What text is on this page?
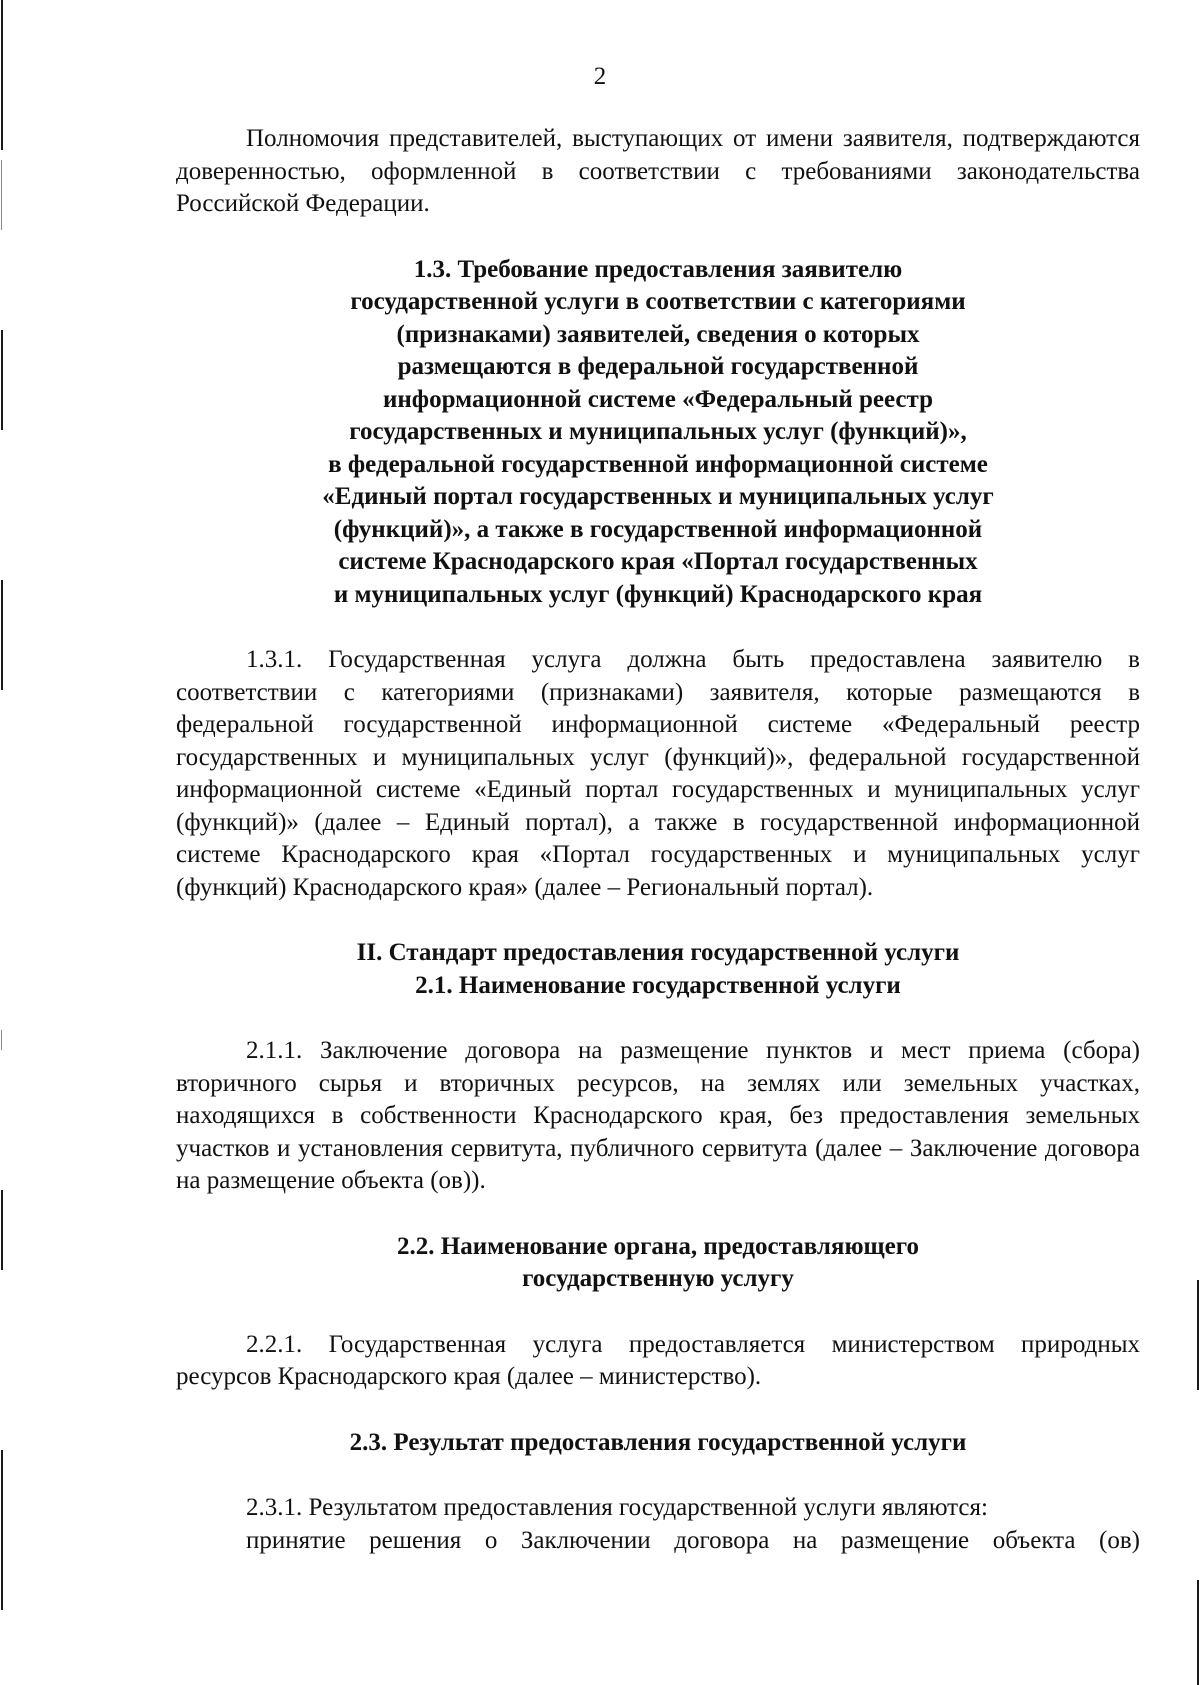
2

Полномочия представителей, выступающих от имени заявителя, подтверждаются доверенностью, оформленной в соответствии с требованиями законодательства Российской Федерации.

1.3. Требование предоставления заявителю
государственной услуги в соответствии с категориями
(признаками) заявителей, сведения о которых
размещаются в федеральной государственной
информационной системе «Федеральный реестр
государственных и муниципальных услуг (функций)»,
в федеральной государственной информационной системе
«Единый портал государственных и муниципальных услуг
(функций)», а также в государственной информационной
системе Краснодарского края «Портал государственных
и муниципальных услуг (функций) Краснодарского края

1.3.1. Государственная услуга должна быть предоставлена заявителю в соответствии с категориями (признаками) заявителя, которые размещаются в федеральной государственной информационной системе «Федеральный реестр государственных и муниципальных услуг (функций)», федеральной государственной информационной системе «Единый портал государственных и муниципальных услуг (функций)» (далее – Единый портал), а также в государственной информационной системе Краснодарского края «Портал государственных и муниципальных услуг (функций) Краснодарского края» (далее – Региональный портал).

II. Стандарт предоставления государственной услуги
2.1. Наименование государственной услуги

2.1.1. Заключение договора на размещение пунктов и мест приема (сбора) вторичного сырья и вторичных ресурсов, на землях или земельных участках, находящихся в собственности Краснодарского края, без предоставления земельных участков и установления сервитута, публичного сервитута (далее – Заключение договора на размещение объекта (ов)).

2.2. Наименование органа, предоставляющего
государственную услугу

2.2.1. Государственная услуга предоставляется министерством природных ресурсов Краснодарского края (далее – министерство).

2.3. Результат предоставления государственной услуги

2.3.1. Результатом предоставления государственной услуги являются:

принятие решения о Заключении договора на размещение объекта (ов)
